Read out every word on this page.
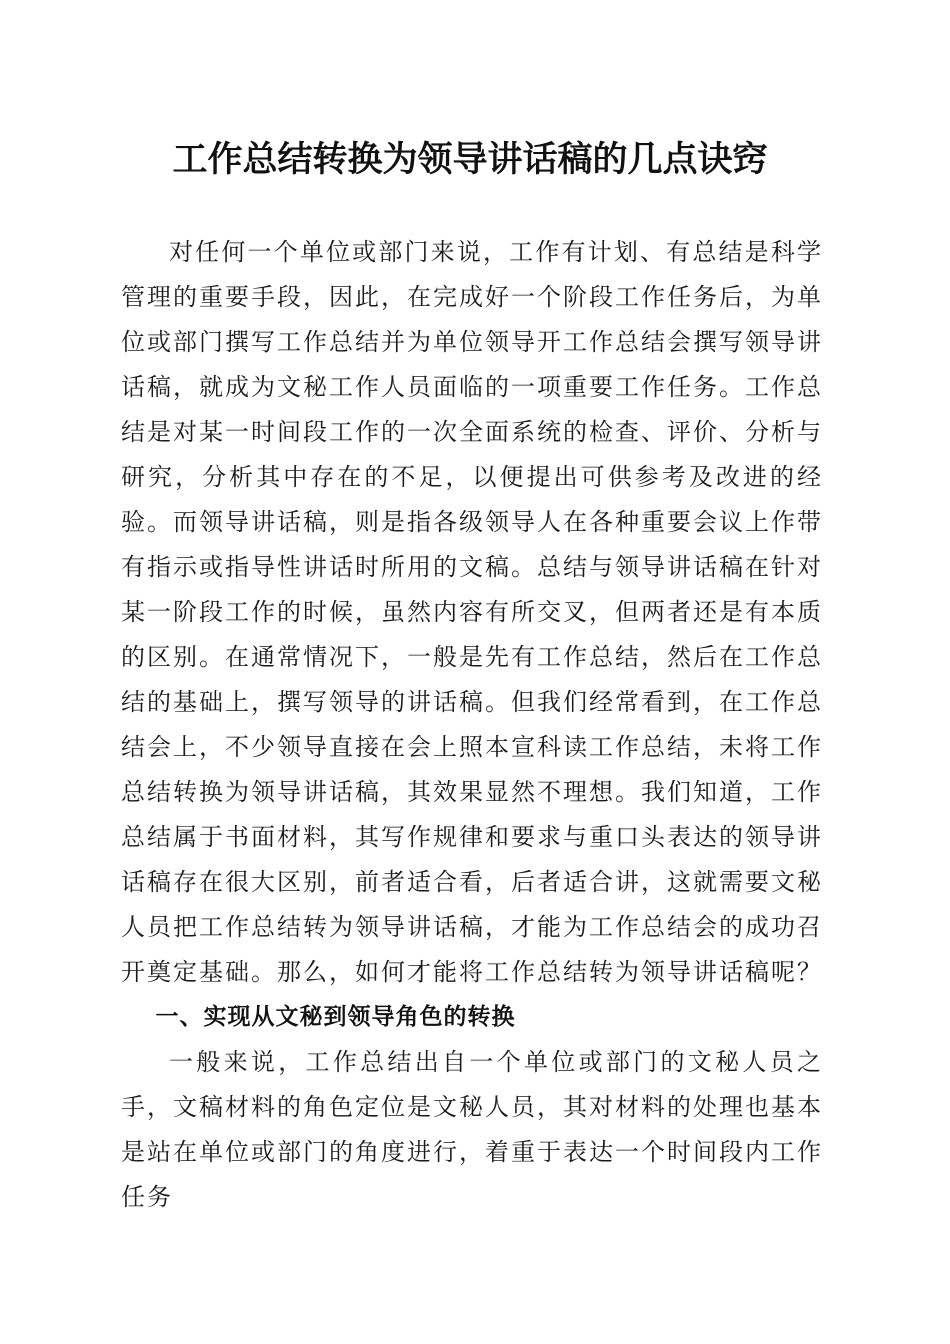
工作总结转换为领导讲话稿的几点诀窍

对任何一个单位或部门来说，工作有计划、有总结是科学管理的重要手段，因此，在完成好一个阶段工作任务后，为单位或部门撰写工作总结并为单位领导开工作总结会撰写领导讲话稿，就成为文秘工作人员面临的一项重要工作任务。工作总结是对某一时间段工作的一次全面系统的检查、评价、分析与研究，分析其中存在的不足，以便提出可供参考及改进的经验。而领导讲话稿，则是指各级领导人在各种重要会议上作带有指示或指导性讲话时所用的文稿。总结与领导讲话稿在针对某一阶段工作的时候，虽然内容有所交叉，但两者还是有本质的区别。在通常情况下，一般是先有工作总结，然后在工作总结的基础上，撰写领导的讲话稿。但我们经常看到，在工作总结会上，不少领导直接在会上照本宣科读工作总结，未将工作总结转换为领导讲话稿，其效果显然不理想。我们知道，工作总结属于书面材料，其写作规律和要求与重口头表达的领导讲话稿存在很大区别，前者适合看，后者适合讲，这就需要文秘人员把工作总结转为领导讲话稿，才能为工作总结会的成功召开奠定基础。那么，如何才能将工作总结转为领导讲话稿呢？

一、实现从文秘到领导角色的转换

一般来说，工作总结出自一个单位或部门的文秘人员之手，文稿材料的角色定位是文秘人员，其对材料的处理也基本是站在单位或部门的角度进行，着重于表达一个时间段内工作任务
